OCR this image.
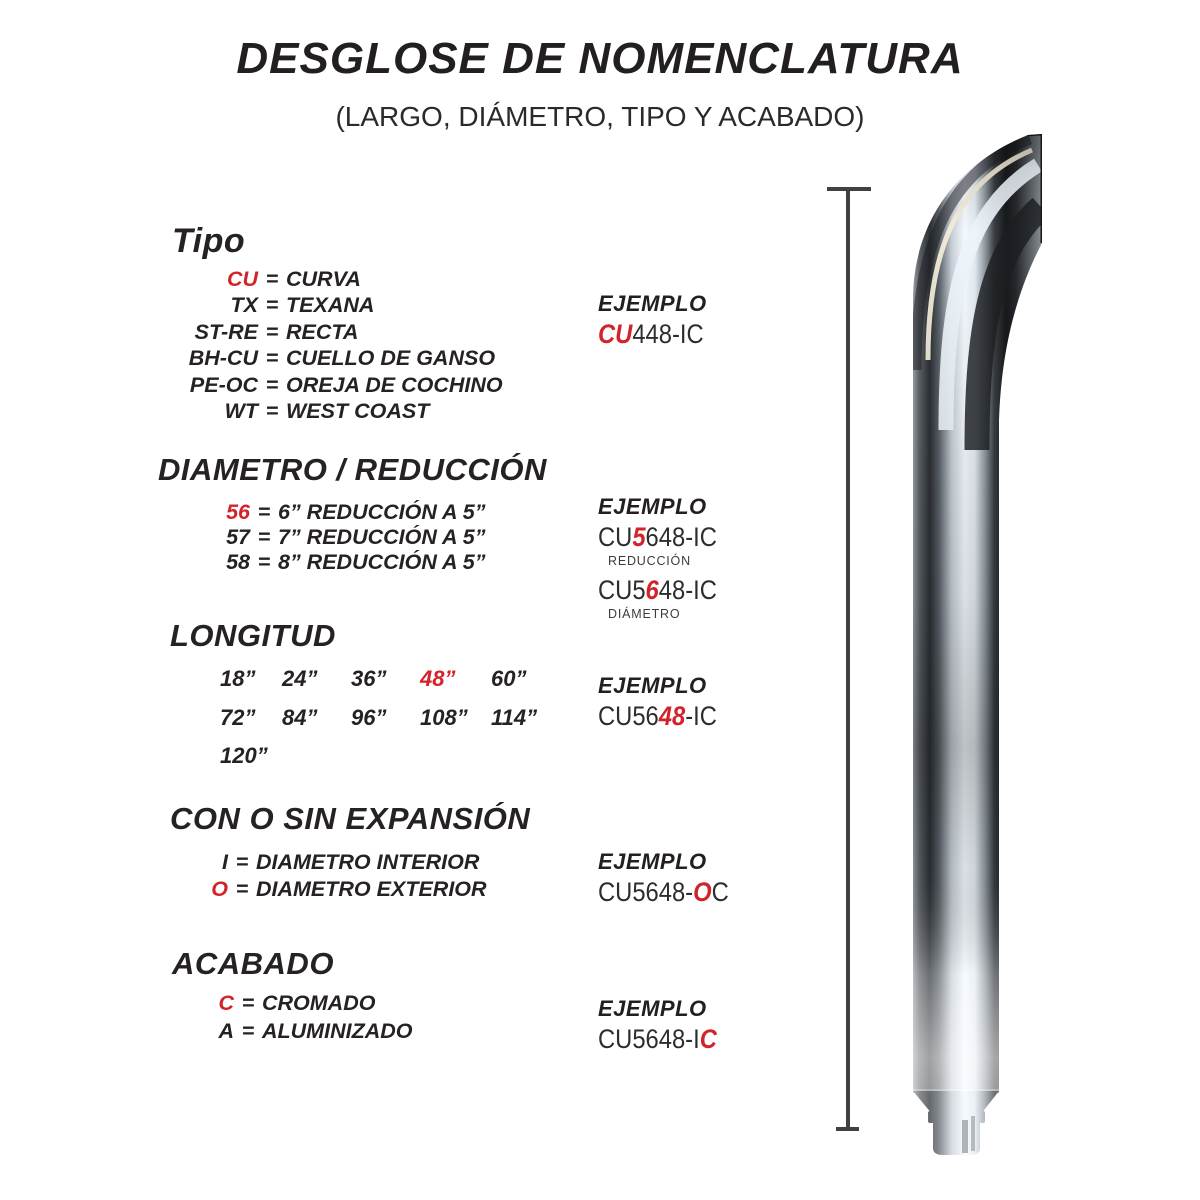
DESGLOSE DE NOMENCLATURA
(LARGO, DIÁMETRO, TIPO Y ACABADO)
Tipo
CU = CURVA
TX = TEXANA
ST-RE = RECTA
BH-CU = CUELLO DE GANSO
PE-OC = OREJA DE COCHINO
WT = WEST COAST
DIAMETRO / REDUCCIÓN
56 = 6” REDUCCIÓN A 5”
57 = 7” REDUCCIÓN A 5”
58 = 8” REDUCCIÓN A 5”
LONGITUD
18”	24”	36”	48”	60”
72”	84”	96”	108”	114”
120”
CON O SIN EXPANSIÓN
I = DIAMETRO INTERIOR
O = DIAMETRO EXTERIOR
ACABADO
C = CROMADO
A = ALUMINIZADO
EJEMPLO
CU448-IC
EJEMPLO
CU5648-IC
REDUCCIÓN
CU5648-IC
DIÁMETRO
EJEMPLO
CU5648-IC
EJEMPLO
CU5648-OC
EJEMPLO
CU5648-IC
